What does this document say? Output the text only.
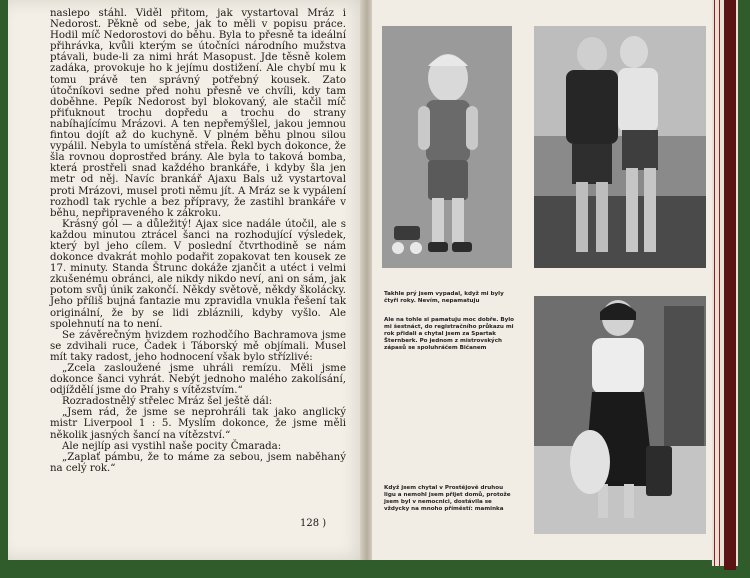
naslepo stáhl. Viděl přitom, jak vystartoval Mráz i Nedorost. Pěkně od sebe, jak to měli v popisu práce. Hodil míč Nedorostovi do běhu. Byla to přesně ta ideální přihrávka, kvůli kterým se útočníci národního mužstva ptávali, bude-li za nimi hrát Masopust. Jde těsně kolem zadáka, provokuje ho k jejímu dostižení. Ale chybí mu k tomu právě ten správný potřebný kousek. Zato útočníkovi sedne před nohu přesně ve chvíli, kdy tam doběhne. Pepík Nedorost byl blokovaný, ale stačil míč přiťuknout trochu dopředu a trochu do strany nabíhajícímu Mrázovi. A ten nepřemýšlel, jakou jemnou fintou dojít až do kuchyně. V plném běhu plnou silou vypálil. Nebyla to umístěná střela. Řekl bych dokonce, že šla rovnou doprostřed brány. Ale byla to taková bomba, která prostřeli snad každého brankáře, i kdyby šla jen metr od něj. Navíc brankář Ajaxu Bals už vystartoval proti Mrázovi, musel proti němu jít. A Mráz se k vypálení rozhodl tak rychle a bez přípravy, že zastihl brankáře v běhu, nepřipraveného k zákroku.

Krásný gól — a důležitý! Ajax sice nadále útočil, ale s každou minutou ztrácel šanci na rozhodující výsledek, který byl jeho cílem. V poslední čtvrthodině se nám dokonce dvakrát mohlo podařit zopakovat ten kousek ze 17. minuty. Standa Štrunc dokáže zjančit a utéct i velmi zkušenému obránci, ale nikdy nikdo neví, ani on sám, jak potom svůj únik zakončí. Někdy světově, někdy školácky. Jeho příliš bujná fantazie mu zpravidla vnukla řešení tak originální, že by se lidi zbláznili, kdyby vyšlo. Ale spolehnutí na to není.

Se závěrečným hvizdem rozhodčího Bachramova jsme se zdvihali ruce, Čadek i Táborský mě objímali. Musel mít taky radost, jeho hodnocení však bylo střízlivé:

„Zcela zasloužené jsme uhráli remízu. Měli jsme dokonce šanci vyhrát. Nebýt jednoho malého zakolísání, odjíždělí jsme do Prahy s vítězstvím.“

Rozradostnělý střelec Mráz šel ještě dál:

„Jsem rád, že jsme se neprohráli tak jako anglický mistr Liverpool 1 : 5. Myslím dokonce, že jsme měli několik jasných šancí na vítězství.“

Ale nejlíp asi vystihl naše pocity Čmarada:

„Zaplať pámbu, že to máme za sebou, jsem naběhaný na celý rok.“

128 )
Takhle prý jsem vypadal, když mi byly čtyři roky. Nevím, nepamatuju
Ale na tohle si pamatuju moc dobře. Bylo mi šestnáct, do registračního průkazu mi rok přidali a chytal jsem za Spartak Šternberk. Po jednom z mistrovských zápasů se spoluhráčem Bičanem
Když jsem chytal v Prostějově druhou ligu a nemohl jsem přijet domů, protože jsem byl v nemocnici, dostávila se vždycky na mnoho příměstí: maminka
